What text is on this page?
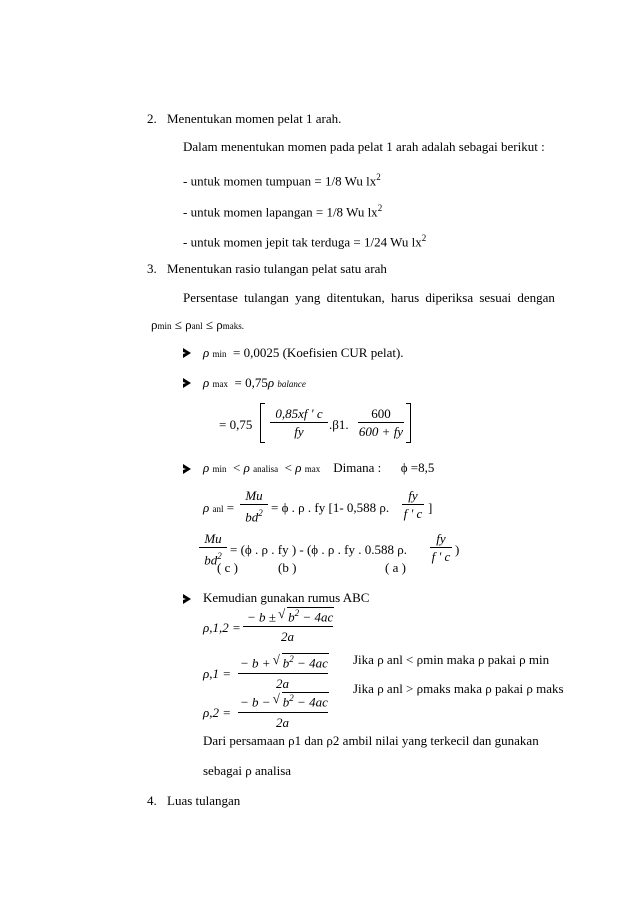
2. Menentukan momen pelat 1 arah.
Dalam menentukan momen pada pelat 1 arah adalah sebagai berikut :
- untuk momen tumpuan = 1/8 Wu $lx^2$
- untuk momen lapangan = 1/8 Wu $lx^2$
- untuk momen jepit tak terduga = 1/24 Wu $lx^2$
3. Menentukan rasio tulangan pelat satu arah
Persentase tulangan yang ditentukan, harus diperiksa sesuai dengan
ρmin ≤ ρanl ≤ ρmaks.
ρ min = 0,0025 (Koefisien CUR pelat).
ρ max = 0,75ρ balance
= 0,75
0,85xf ' c
fy	.β1.
600
600 + fy
ρ min < ρ analisa < ρ max Dimana : ϕ =8,5
ρ anl =
Mu
$bd^2 = \phi$ . ρ . fy [1- 0,588 ρ.
fy
f ' c ]
Mu
$bd^2 = (\phi$ . ρ . fy ) - (ϕ . ρ . fy . 0.588 ρ.
fy
f ' c )
( c )	(b )	( a )
Kemudian gunakan rumus ABC
ρ,1,2 =
− b ± √ $b^2 - 4ac$
2a
ρ,1 =
− b + √ $b^2 - 4ac$
2a
Jika ρ anl < ρmin maka ρ pakai ρ min
Jika ρ anl > ρmaks maka ρ pakai ρ maks
ρ,2 =
− b − √ $b^2 - 4ac$
2a
Dari persamaan ρ1 dan ρ2 ambil nilai yang terkecil dan gunakan
sebagai ρ analisa
4. Luas tulangan
